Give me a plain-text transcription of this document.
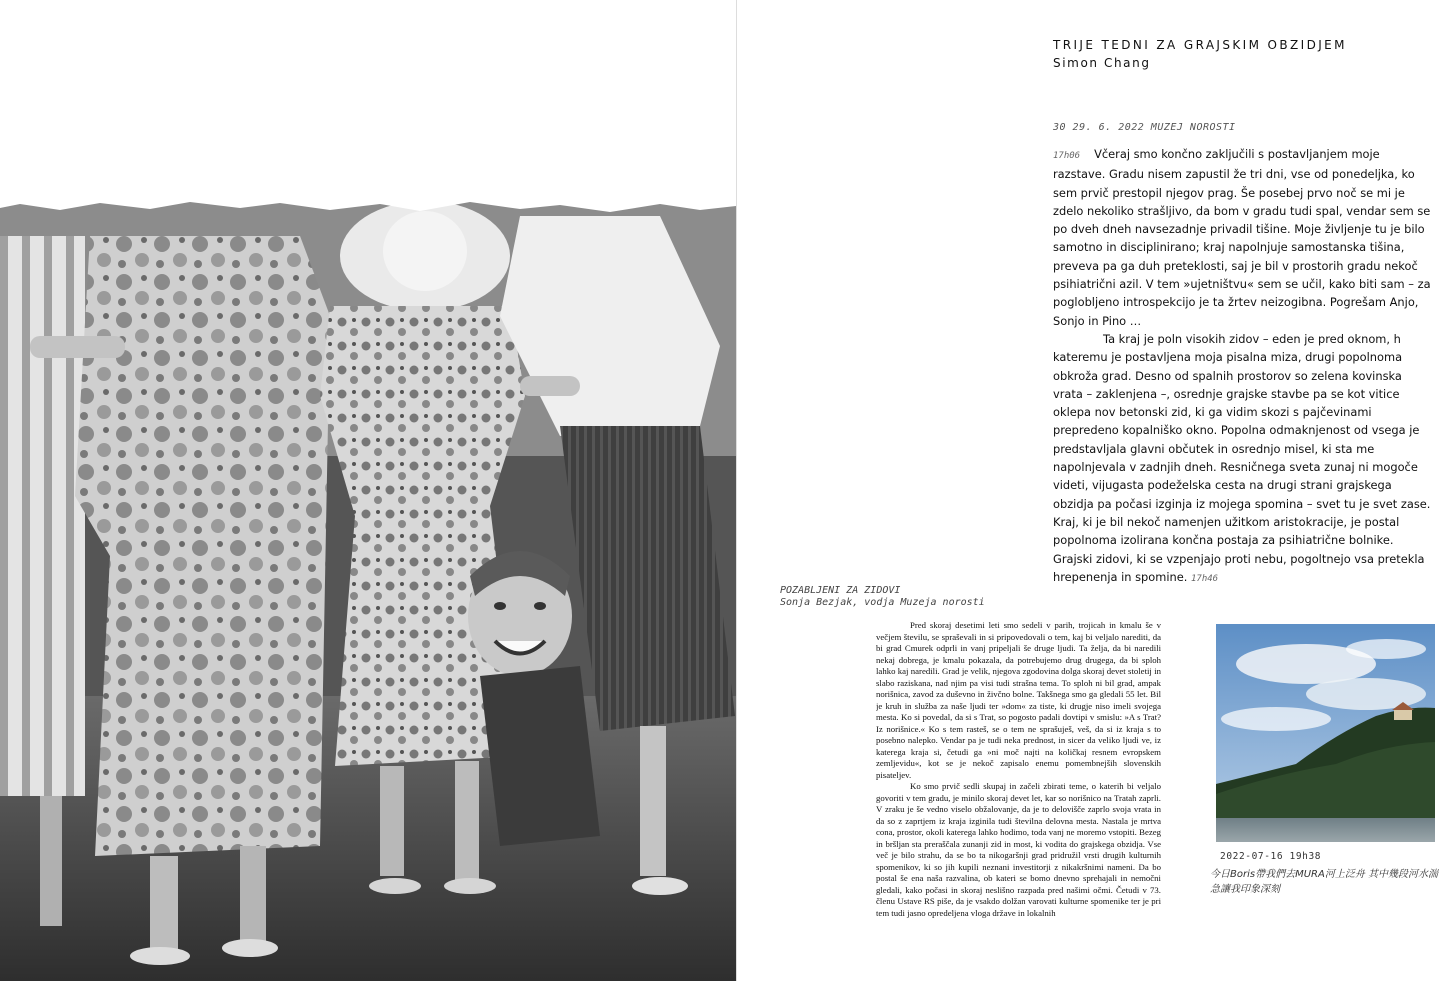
TRIJE TEDNI ZA GRAJSKIM OBZIDJEM
Simon Chang
30 29. 6. 2022 MUZEJ NOROSTI

17h06 Včeraj smo končno zaključili s postavljanjem moje razstave. Gradu nisem zapustil že tri dni, vse od ponedeljka, ko sem prvič prestopil njegov prag. Še posebej prvo noč se mi je zdelo nekoliko strašljivo, da bom v gradu tudi spal, vendar sem se po dveh dneh navsezadnje privadil tišine. Moje življenje tu je bilo samotno in disciplinirano; kraj napolnjuje samostanska tišina, preveva pa ga duh preteklosti, saj je bil v prostorih gradu nekoč psihiatrični azil. V tem »ujetništvu« sem se učil, kako biti sam – za poglobljeno introspekcijo je ta žrtev neizogibna. Pogrešam Anjo, Sonjo in Pino …

Ta kraj je poln visokih zidov – eden je pred oknom, h kateremu je postavljena moja pisalna miza, drugi popolnoma obkroža grad. Desno od spalnih prostorov so zelena kovinska vrata – zaklenjena –, osrednje grajske stavbe pa se kot vitice oklepa nov betonski zid, ki ga vidim skozi s pajčevinami prepredeno kopalniško okno. Popolna odmaknjenost od vsega je predstavljala glavni občutek in osrednjo misel, ki sta me napolnjevala v zadnjih dneh. Resničnega sveta zunaj ni mogoče videti, vijugasta podeželska cesta na drugi strani grajskega obzidja pa počasi izginja iz mojega spomina – svet tu je svet zase. Kraj, ki je bil nekoč namenjen užitkom aristokracije, je postal popolnoma izolirana končna postaja za psihiatrične bolnike. Grajski zidovi, ki se vzpenjajo proti nebu, pogoltnejo vsa pretekla hrepenenja in spomine. 17h46

POZABLJENI ZA ZIDOVI
Sonja Bezjak, vodja Muzeja norosti

Pred skoraj desetimi leti smo sedeli v parih, trojicah in kmalu še v večjem številu, se spraševali in si pripovedovali o tem, kaj bi veljalo narediti, da bi grad Cmurek odprli in vanj pripeljali še druge ljudi. Ta želja, da bi naredili nekaj dobrega, je kmalu pokazala, da potrebujemo drug drugega, da bi sploh lahko kaj naredili. Grad je velik, njegova zgodovina dolga skoraj devet stoletij in slabo raziskana, nad njim pa visi tudi strašna tema. To sploh ni bil grad, ampak norišnica, zavod za duševno in živčno bolne. Takšnega smo ga gledali 55 let. Bil je kruh in služba za naše ljudi ter »dom« za tiste, ki drugje niso imeli svojega mesta. Ko si povedal, da si s Trat, so pogosto padali dovtipi v smislu: »A s Trat? Iz norišnice.« Ko s tem rasteš, se o tem ne sprašuješ, veš, da si iz kraja s to posebno nalepko. Vendar pa je tudi neka prednost, in sicer da veliko ljudi ve, iz katerega kraja si, četudi ga »ni moč najti na količkaj resnem evropskem zemljevidu«, kot se je nekoč zapisalo enemu pomembnejših slovenskih pisateljev.

Ko smo prvič sedli skupaj in začeli zbirati teme, o katerih bi veljalo govoriti v tem gradu, je minilo skoraj devet let, kar so norišnico na Tratah zaprli. V zraku je še vedno viselo obžalovanje, da je to delovišče zaprlo svoja vrata in da so z zaprtjem iz kraja izginila tudi številna delovna mesta. Nastala je mrtva cona, prostor, okoli katerega lahko hodimo, toda vanj ne moremo vstopiti. Bezeg in bršljan sta preraščala zunanji zid in most, ki vodita do grajskega obzidja. Vse več je bilo strahu, da se bo ta nikogaršnji grad pridružil vrsti drugih kulturnih spomenikov, ki so jih kupili neznani investitorji z nikakršnimi nameni. Da bo postal še ena naša razvalina, ob kateri se bomo dnevno sprehajali in nemočni gledali, kako počasi in skoraj neslišno razpada pred našimi očmi. Četudi v 73. členu Ustave RS piše, da je vsakdo dolžan varovati kulturne spomenike ter je pri tem tudi jasno opredeljena vloga države in lokalnih

2022-07-16 19h38
今日Boris帶我們去MURA河上泛舟 其中幾段河水湍急讓我印象深刻
